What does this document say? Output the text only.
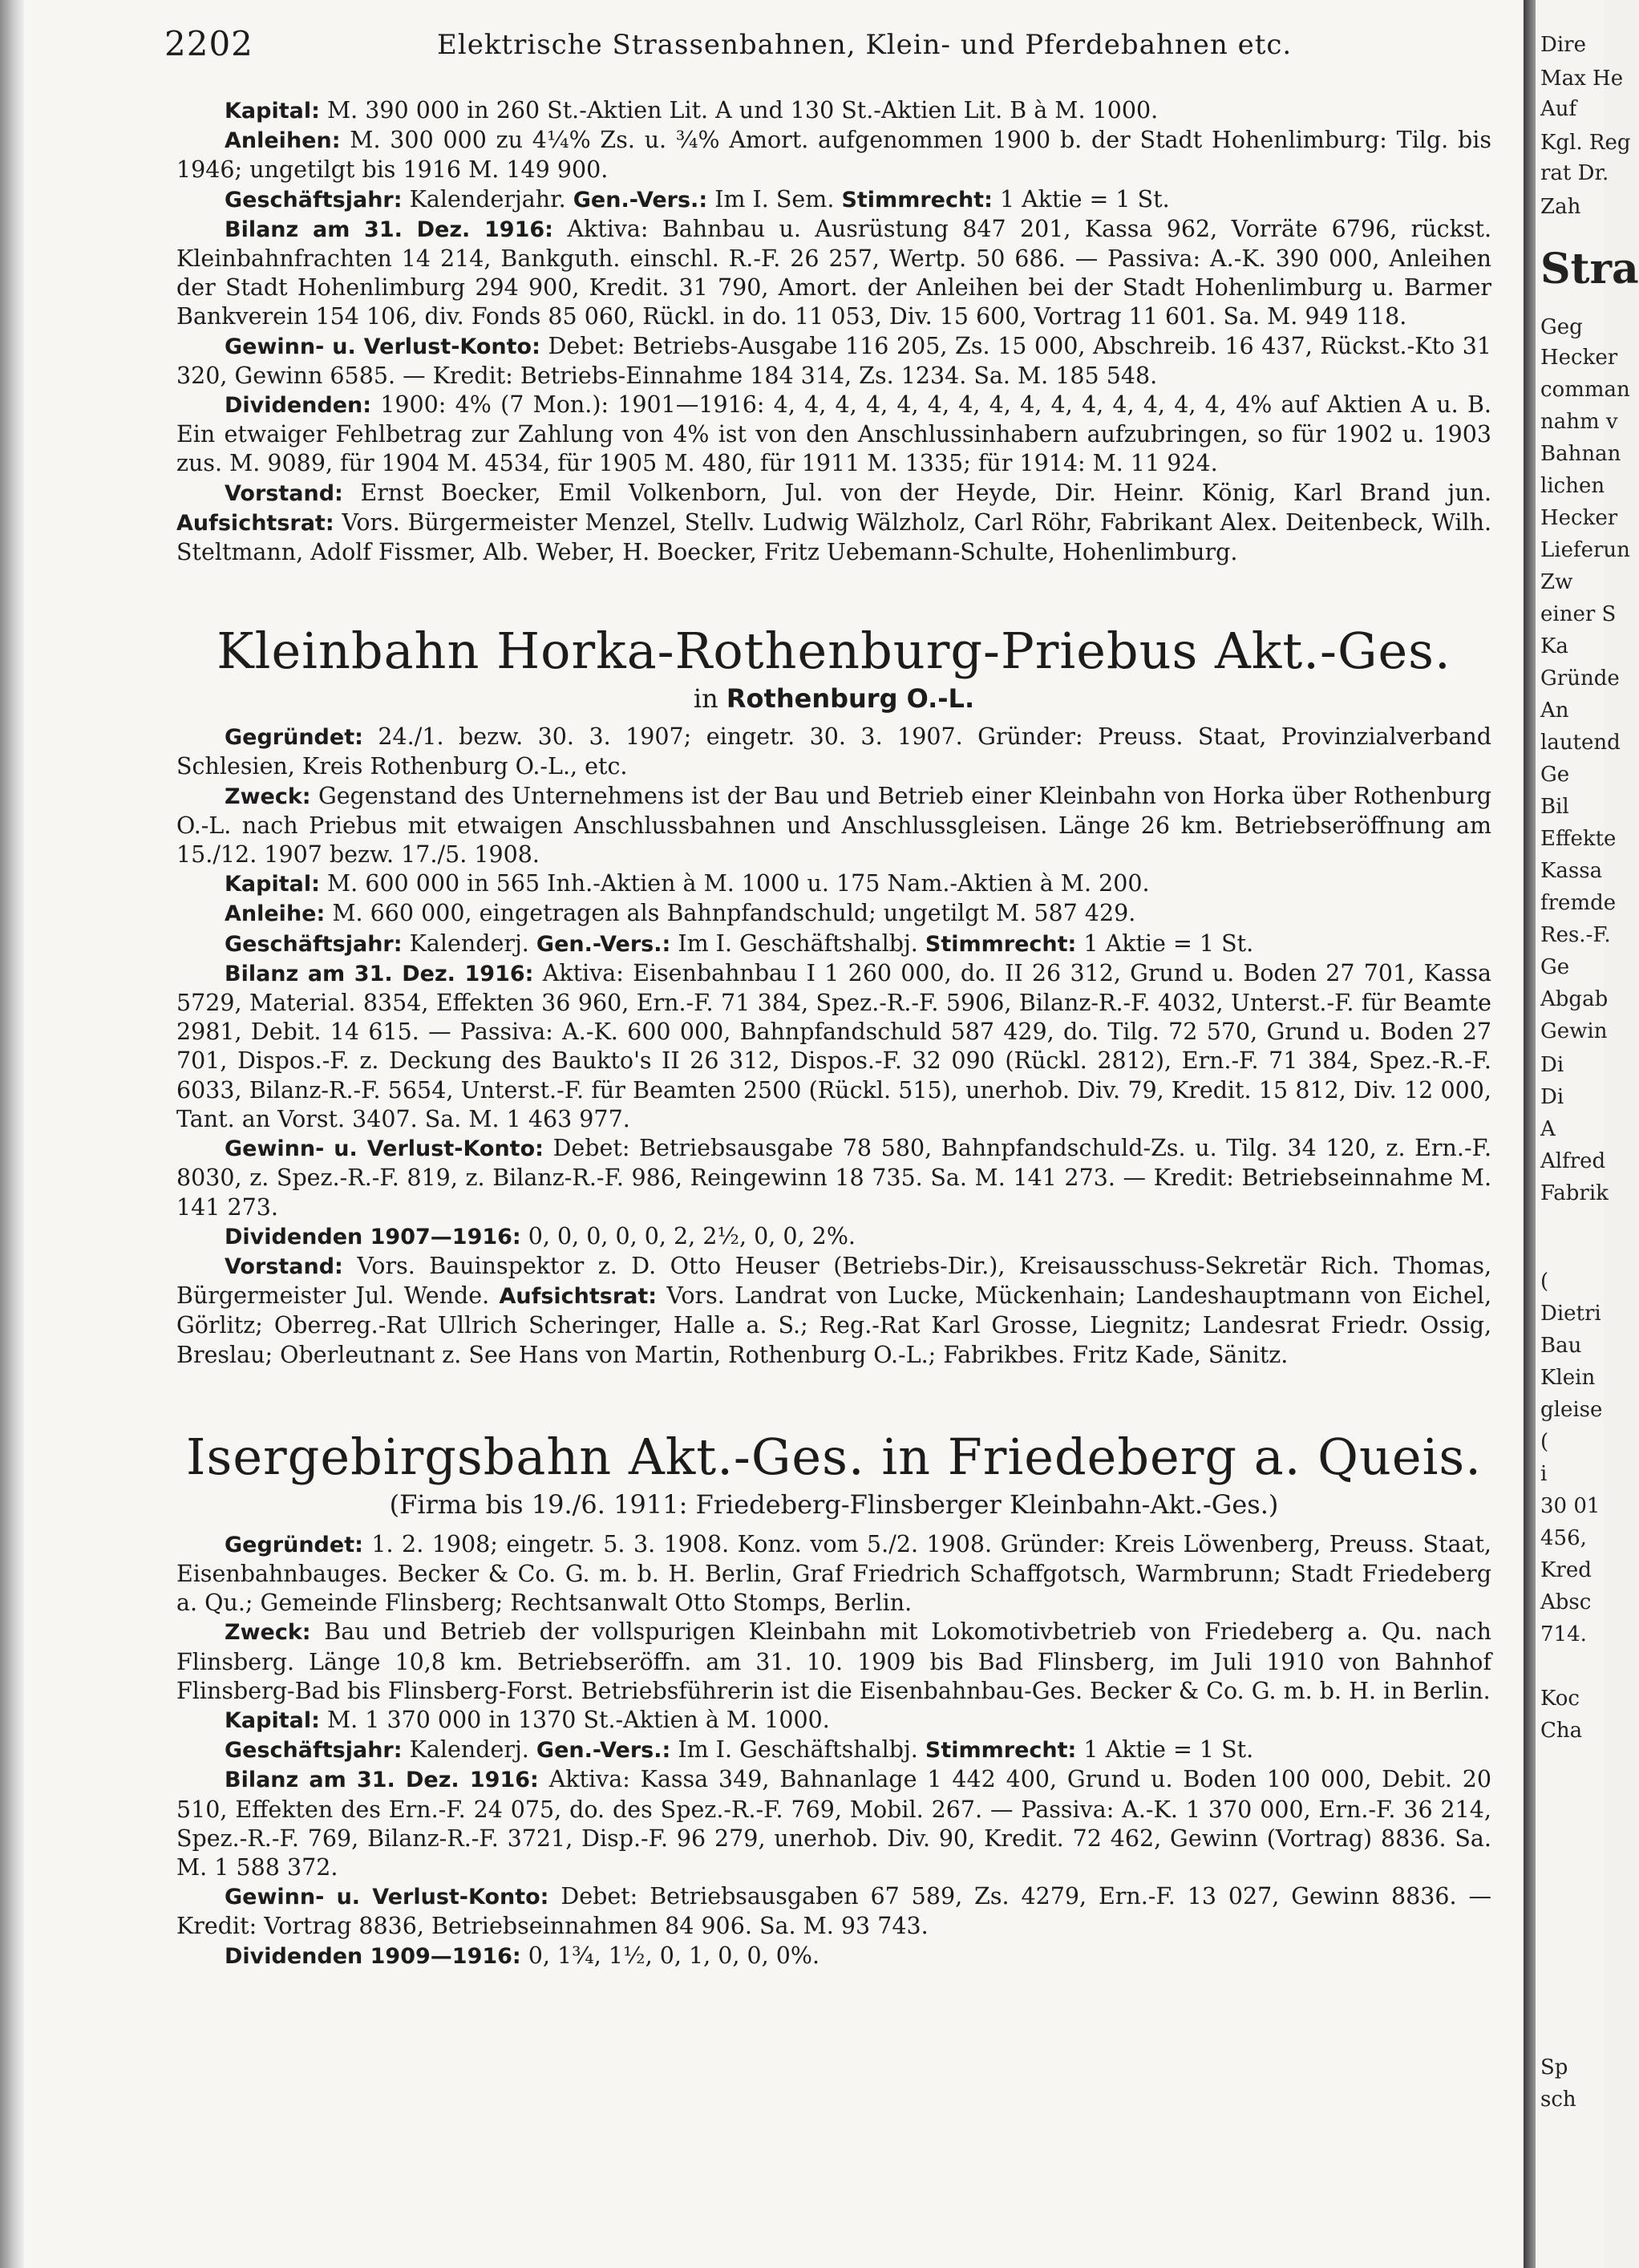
2202	Elektrische Strassenbahnen, Klein- und Pferdebahnen etc.

Kapital: M. 390 000 in 260 St.-Aktien Lit. A und 130 St.-Aktien Lit. B à M. 1000.

Anleihen: M. 300 000 zu 4¼% Zs. u. ¾% Amort. aufgenommen 1900 b. der Stadt Hohenlimburg: Tilg. bis 1946; ungetilgt bis 1916 M. 149 900.

Geschäftsjahr: Kalenderjahr. Gen.-Vers.: Im I. Sem. Stimmrecht: 1 Aktie = 1 St.

Bilanz am 31. Dez. 1916: Aktiva: Bahnbau u. Ausrüstung 847 201, Kassa 962, Vorräte 6796, rückst. Kleinbahnfrachten 14 214, Bankguth. einschl. R.-F. 26 257, Wertp. 50 686. — Passiva: A.-K. 390 000, Anleihen der Stadt Hohenlimburg 294 900, Kredit. 31 790, Amort. der Anleihen bei der Stadt Hohenlimburg u. Barmer Bankverein 154 106, div. Fonds 85 060, Rückl. in do. 11 053, Div. 15 600, Vortrag 11 601. Sa. M. 949 118.

Gewinn- u. Verlust-Konto: Debet: Betriebs-Ausgabe 116 205, Zs. 15 000, Abschreib. 16 437, Rückst.-Kto 31 320, Gewinn 6585. — Kredit: Betriebs-Einnahme 184 314, Zs. 1234. Sa. M. 185 548.

Dividenden: 1900: 4% (7 Mon.): 1901—1916: 4, 4, 4, 4, 4, 4, 4, 4, 4, 4, 4, 4, 4, 4, 4, 4% auf Aktien A u. B. Ein etwaiger Fehlbetrag zur Zahlung von 4% ist von den Anschlussinhabern aufzubringen, so für 1902 u. 1903 zus. M. 9089, für 1904 M. 4534, für 1905 M. 480, für 1911 M. 1335; für 1914: M. 11 924.

Vorstand: Ernst Boecker, Emil Volkenborn, Jul. von der Heyde, Dir. Heinr. König, Karl Brand jun. Aufsichtsrat: Vors. Bürgermeister Menzel, Stellv. Ludwig Wälzholz, Carl Röhr, Fabrikant Alex. Deitenbeck, Wilh. Steltmann, Adolf Fissmer, Alb. Weber, H. Boecker, Fritz Uebemann-Schulte, Hohenlimburg.

Kleinbahn Horka-Rothenburg-Priebus Akt.-Ges.
in Rothenburg O.-L.

Gegründet: 24./1. bezw. 30. 3. 1907; eingetr. 30. 3. 1907. Gründer: Preuss. Staat, Provinzialverband Schlesien, Kreis Rothenburg O.-L., etc.

Zweck: Gegenstand des Unternehmens ist der Bau und Betrieb einer Kleinbahn von Horka über Rothenburg O.-L. nach Priebus mit etwaigen Anschlussbahnen und Anschlussgleisen. Länge 26 km. Betriebseröffnung am 15./12. 1907 bezw. 17./5. 1908.

Kapital: M. 600 000 in 565 Inh.-Aktien à M. 1000 u. 175 Nam.-Aktien à M. 200.

Anleihe: M. 660 000, eingetragen als Bahnpfandschuld; ungetilgt M. 587 429.

Geschäftsjahr: Kalenderj. Gen.-Vers.: Im I. Geschäftshalbj. Stimmrecht: 1 Aktie = 1 St.

Bilanz am 31. Dez. 1916: Aktiva: Eisenbahnbau I 1 260 000, do. II 26 312, Grund u. Boden 27 701, Kassa 5729, Material. 8354, Effekten 36 960, Ern.-F. 71 384, Spez.-R.-F. 5906, Bilanz-R.-F. 4032, Unterst.-F. für Beamte 2981, Debit. 14 615. — Passiva: A.-K. 600 000, Bahnpfandschuld 587 429, do. Tilg. 72 570, Grund u. Boden 27 701, Dispos.-F. z. Deckung des Baukto's II 26 312, Dispos.-F. 32 090 (Rückl. 2812), Ern.-F. 71 384, Spez.-R.-F. 6033, Bilanz-R.-F. 5654, Unterst.-F. für Beamten 2500 (Rückl. 515), unerhob. Div. 79, Kredit. 15 812, Div. 12 000, Tant. an Vorst. 3407. Sa. M. 1 463 977.

Gewinn- u. Verlust-Konto: Debet: Betriebsausgabe 78 580, Bahnpfandschuld-Zs. u. Tilg. 34 120, z. Ern.-F. 8030, z. Spez.-R.-F. 819, z. Bilanz-R.-F. 986, Reingewinn 18 735. Sa. M. 141 273. — Kredit: Betriebseinnahme M. 141 273.

Dividenden 1907—1916: 0, 0, 0, 0, 0, 2, 2½, 0, 0, 2%.

Vorstand: Vors. Bauinspektor z. D. Otto Heuser (Betriebs-Dir.), Kreisausschuss-Sekretär Rich. Thomas, Bürgermeister Jul. Wende. Aufsichtsrat: Vors. Landrat von Lucke, Mückenhain; Landeshauptmann von Eichel, Görlitz; Oberreg.-Rat Ullrich Scheringer, Halle a. S.; Reg.-Rat Karl Grosse, Liegnitz; Landesrat Friedr. Ossig, Breslau; Oberleutnant z. See Hans von Martin, Rothenburg O.-L.; Fabrikbes. Fritz Kade, Sänitz.

Isergebirgsbahn Akt.-Ges. in Friedeberg a. Queis.
(Firma bis 19./6. 1911: Friedeberg-Flinsberger Kleinbahn-Akt.-Ges.)

Gegründet: 1. 2. 1908; eingetr. 5. 3. 1908. Konz. vom 5./2. 1908. Gründer: Kreis Löwenberg, Preuss. Staat, Eisenbahnbauges. Becker & Co. G. m. b. H. Berlin, Graf Friedrich Schaffgotsch, Warmbrunn; Stadt Friedeberg a. Qu.; Gemeinde Flinsberg; Rechtsanwalt Otto Stomps, Berlin.

Zweck: Bau und Betrieb der vollspurigen Kleinbahn mit Lokomotivbetrieb von Friedeberg a. Qu. nach Flinsberg. Länge 10,8 km. Betriebseröffn. am 31. 10. 1909 bis Bad Flinsberg, im Juli 1910 von Bahnhof Flinsberg-Bad bis Flinsberg-Forst. Betriebsführerin ist die Eisenbahnbau-Ges. Becker & Co. G. m. b. H. in Berlin.

Kapital: M. 1 370 000 in 1370 St.-Aktien à M. 1000.

Geschäftsjahr: Kalenderj. Gen.-Vers.: Im I. Geschäftshalbj. Stimmrecht: 1 Aktie = 1 St.

Bilanz am 31. Dez. 1916: Aktiva: Kassa 349, Bahnanlage 1 442 400, Grund u. Boden 100 000, Debit. 20 510, Effekten des Ern.-F. 24 075, do. des Spez.-R.-F. 769, Mobil. 267. — Passiva: A.-K. 1 370 000, Ern.-F. 36 214, Spez.-R.-F. 769, Bilanz-R.-F. 3721, Disp.-F. 96 279, unerhob. Div. 90, Kredit. 72 462, Gewinn (Vortrag) 8836. Sa. M. 1 588 372.

Gewinn- u. Verlust-Konto: Debet: Betriebsausgaben 67 589, Zs. 4279, Ern.-F. 13 027, Gewinn 8836. — Kredit: Vortrag 8836, Betriebseinnahmen 84 906. Sa. M. 93 743.

Dividenden 1909—1916: 0, 1¾, 1½, 0, 1, 0, 0, 0%.

Dire
Max He
Auf
Kgl. Reg
rat Dr.
Zah
Stra
Geg
Hecker
comman
nahm v
Bahnan
lichen
Hecker
Lieferun
Zw
einer S
Ka
Gründe
An
lautend
Ge
Bil
Effekte
Kassa
fremde
Res.-F.
Ge
Abgab
Gewin
Di
Di
A
Alfred
Fabrik
(
Dietri
Bau
Klein
gleise
(
i
30 01
456,
Kred
Absc
714.
Koc
Cha
Sp
sch
